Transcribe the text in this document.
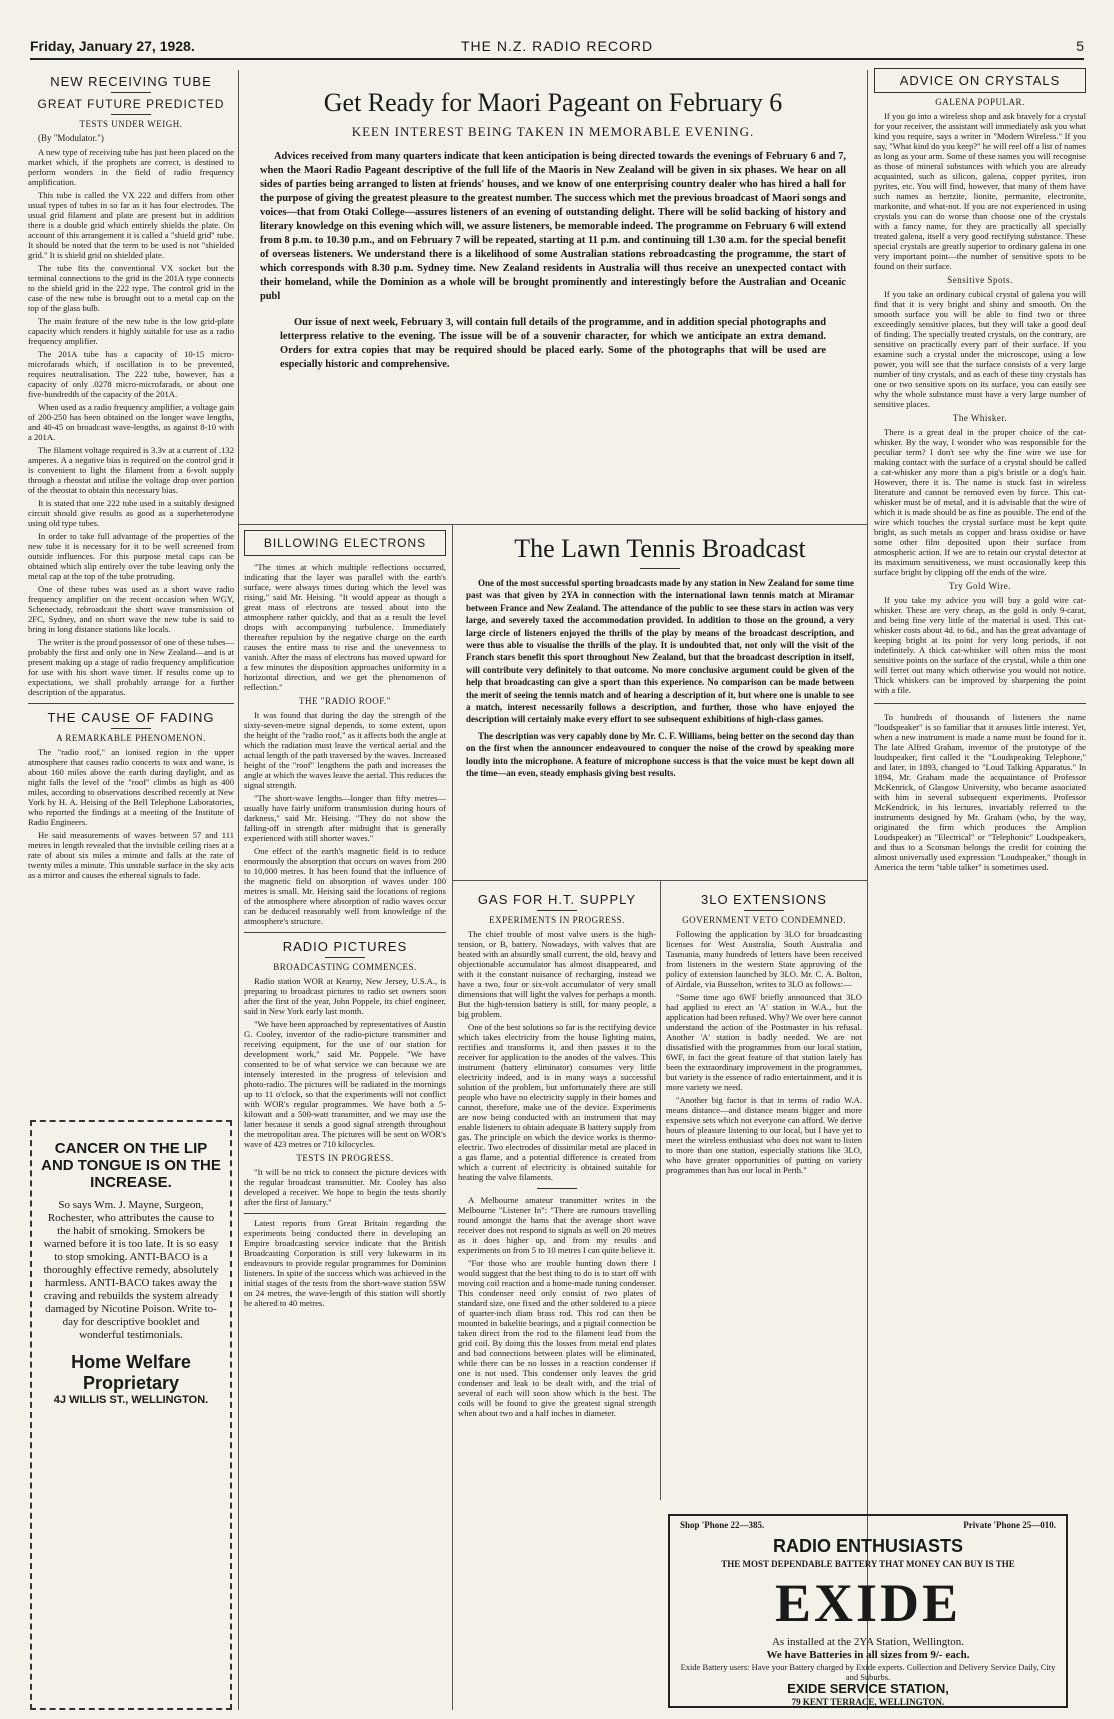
Friday, January 27, 1928.	THE N.Z. RADIO RECORD	5
NEW RECEIVING TUBE
GREAT FUTURE PREDICTED
TESTS UNDER WEIGH.
(By "Modulator.")

A new type of receiving tube has just been placed on the market which, if the prophets are correct, is destined to perform wonders in the field of radio frequency amplification.

This tube is called the VX 222 and differs from other usual types of tubes in so far as it has four electrodes. The usual grid filament and plate are present but in addition there is a double grid which entirely shields the plate. On account of this arrangement it is called a "shield grid" tube. It should be noted that the term to be used is not "shielded grid." It is shield grid on shielded plate.

The tube fits the conventional VX socket but the terminal connections to the grid in the 201A type connects to the shield grid in the 222 type. The control grid in the case of the new tube is brought out to a metal cap on the top of the glass bulb.

The main feature of the new tube is the low grid-plate capacity which renders it highly suitable for use as a radio frequency amplifier.

The 201A tube has a capacity of 10-15 micro-microfarads which, if oscillation is to be prevented, requires neutralisation. The 222 tube, however, has a capacity of only .0278 micro-microfarads, or about one five-hundredth of the capacity of the 201A.

When used as a radio frequency amplifier, a voltage gain of 200-250 has been obtained on the longer wave lengths, and 40-45 on broadcast wave-lengths, as against 8-10 with a 201A.

The filament voltage required is 3.3v at a current of .132 amperes. A a negative bias is required on the control grid it is convenient to light the filament from a 6-volt supply through a rheostat and utilise the voltage drop over portion of the rheostat to obtain this necessary bias.

It is stated that one 222 tube used in a suitably designed circuit should give results as good as a superheterodyne using old type tubes.

In order to take full advantage of the properties of the new tube it is necessary for it to be well screened from outside influences. For this purpose metal caps can be obtained which slip entirely over the tube leaving only the metal cap at the top of the tube protruding.

One of these tubes was used as a short wave radio frequency amplifier on the recent occasion when WGY, Schenectady, rebroadcast the short wave transmission of 2FC, Sydney, and on short wave the new tube is said to bring in long distance stations like locals.

The writer is the proud possessor of one of these tubes—probably the first and only one in New Zealand—and is at present making up a stage of radio frequency amplification for use with his short wave timer. If results come up to expectations, we shall probably arrange for a further description of the apparatus.

THE CAUSE OF FADING
A REMARKABLE PHENOMENON.

The "radio roof," an ionised region in the upper atmosphere that causes radio concerts to wax and wane, is about 160 miles above the earth during daylight, and as night falls the level of the "roof" climbs as high as 400 miles, according to observations described recently at New York by H. A. Heising of the Bell Telephone Laboratories, who reported the findings at a meeting of the Institute of Radio Engineers.

He said measurements of waves between 57 and 111 metres in length revealed that the invisible ceiling rises at a rate of about six miles a minute and falls at the rate of twenty miles a minute. This unstable surface in the sky acts as a mirror and causes the ethereal signals to fade.

CANCER ON THE LIP AND TONGUE IS ON THE INCREASE.

So says Wm. J. Mayne, Surgeon, Rochester, who attributes the cause to the habit of smoking. Smokers be warned before it is too late. It is so easy to stop smoking. ANTI-BACO is a thoroughly effective remedy, absolutely harmless. ANTI-BACO takes away the craving and rebuilds the system already damaged by Nicotine Poison. Write to-day for descriptive booklet and wonderful testimonials.

Home Welfare Proprietary
4J WILLIS ST., WELLINGTON.
Get Ready for Maori Pageant on February 6
KEEN INTEREST BEING TAKEN IN MEMORABLE EVENING.

Advices received from many quarters indicate that keen anticipation is being directed towards the evenings of February 6 and 7, when the Maori Radio Pageant descriptive of the full life of the Maoris in New Zealand will be given in six phases. We hear on all sides of parties being arranged to listen at friends' houses, and we know of one enterprising country dealer who has hired a hall for the purpose of giving the greatest pleasure to the greatest number. The success which met the previous broadcast of Maori songs and voices—that from Otaki College—assures listeners of an evening of outstanding delight. There will be solid backing of history and literary knowledge on this evening which will, we assure listeners, be memorable indeed. The programme on February 6 will extend from 8 p.m. to 10.30 p.m., and on February 7 will be repeated, starting at 11 p.m. and continuing till 1.30 a.m. for the special benefit of overseas listeners. We understand there is a likelihood of some Australian stations rebroadcasting the programme, the start of which corresponds with 8.30 p.m. Sydney time. New Zealand residents in Australia will thus receive an unexpected contact with their homeland, while the Dominion as a whole will be brought prominently and interestingly before the Australian and Oceanic publ

Our issue of next week, February 3, will contain full details of the programme, and in addition special photographs and letterpress relative to the evening. The issue will be of a souvenir character, for which we anticipate an extra demand. Orders for extra copies that may be required should be placed early. Some of the photographs that will be used are especially historic and comprehensive.

BILLOWING ELECTRONS

"The times at which multiple reflections occurred, indicating that the layer was parallel with the earth's surface, were always times during which the level was rising," said Mr. Heising. "It would appear as though a great mass of electrons are tossed about into the atmosphere rather quickly, and that as a result the level drops with accompanying turbulence. Immediately thereafter repulsion by the negative charge on the earth causes the entire mass to rise and the unevenness to vanish. After the mass of electrons has moved upward for a few minutes the disposition approaches uniformity in a horizontal direction, and we get the phenomenon of reflection."

THE "RADIO ROOF."

It was found that during the day the strength of the sixty-seven-metre signal depends, to some extent, upon the height of the "radio roof," as it affects both the angle at which the radiation must leave the vertical aerial and the actual length of the path traversed by the waves. Increased height of the "roof" lengthens the path and increases the angle at which the waves leave the aerial. This reduces the signal strength.

"The short-wave lengths—longer than fifty metres—usually have fairly uniform transmission during hours of darkness," said Mr. Heising. "They do not show the falling-off in strength after midnight that is generally experienced with still shorter waves."

One effect of the earth's magnetic field is to reduce enormously the absorption that occurs on waves from 200 to 10,000 metres. It has been found that the influence of the magnetic field on absorption of waves under 100 metres is small. Mr. Heising said the locations of regions of the atmosphere where absorption of radio waves occur can be deduced reasonably well from knowledge of the atmosphere's structure.

RADIO PICTURES
BROADCASTING COMMENCES.

Radio station WOR at Kearny, New Jersey, U.S.A., is preparing to broadcast pictures to radio set owners soon after the first of the year, John Poppele, its chief engineer, said in New York early last month.

"We have been approached by representatives of Austin G. Cooley, inventor of the radio-picture transmitter and receiving equipment, for the use of our station for development work," said Mr. Poppele. "We have consented to be of what service we can because we are intensely interested in the progress of television and photo-radio. The pictures will be radiated in the mornings up to 11 o'clock, so that the experiments will not conflict with WOR's regular programmes. We have both a 5-kilowatt and a 500-watt transmitter, and we may use the latter because it sends a good signal strength throughout the metropolitan area. The pictures will be sent on WOR's wave of 423 metres or 710 kilocycles.

TESTS IN PROGRESS.

"It will be no trick to connect the picture devices with the regular broadcast transmitter. Mr. Cooley has also developed a receiver. We hope to begin the tests shortly after the first of January."

Latest reports from Great Britain regarding the experiments being conducted there in developing an Empire broadcasting service indicate that the British Broadcasting Corporation is still very lukewarm in its endeavours to provide regular programmes for Dominion listeners. In spite of the success which was achieved in the initial stages of the tests from the short-wave station 5SW on 24 metres, the wave-length of this station will shortly be altered to 40 metres.

The Lawn Tennis Broadcast

One of the most successful sporting broadcasts made by any station in New Zealand for some time past was that given by 2YA in connection with the international lawn tennis match at Miramar between France and New Zealand. The attendance of the public to see these stars in action was very large, and severely taxed the accommodation provided. In addition to those on the ground, a very large circle of listeners enjoyed the thrills of the play by means of the broadcast description, and were thus able to visualise the thrills of the play. It is undoubted that, not only will the visit of the Franch stars benefit this sport throughout New Zealand, but that the broadcast description in itself, will contribute very definitely to that outcome. No more conclusive argument could be given of the help that broadcasting can give a sport than this experience. No comparison can be made between the merit of seeing the tennis match and of hearing a description of it, but where one is unable to see a match, interest necessarily follows a description, and further, those who have enjoyed the description will certainly make every effort to see subsequent exhibitions of high-class games.

The description was very capably done by Mr. C. F. Williams, being better on the second day than on the first when the announcer endeavoured to conquer the noise of the crowd by speaking more loudly into the microphone. A feature of microphone success is that the voice must be kept down all the time—an even, steady emphasis giving best results.

GAS FOR H.T. SUPPLY
EXPERIMENTS IN PROGRESS.

The chief trouble of most valve users is the high-tension, or B, battery. Nowadays, with valves that are heated with an absurdly small current, the old, heavy and objectionable accumulator has almost disappeared, and with it the constant nuisance of recharging, instead we have a two, four or six-volt accumulator of very small dimensions that will light the valves for perhaps a month. But the high-tension battery is still, for many people, a big problem.

One of the best solutions so far is the rectifying device which takes electricity from the house lighting mains, rectifies and transforms it, and then passes it to the receiver for application to the anodes of the valves. This instrument (battery eliminator) consumes very little electricity indeed, and is in many ways a successful solution of the problem, but unfortunately there are still people who have no electricity supply in their homes and cannot, therefore, make use of the device. Experiments are now being conducted with an instrument that may enable listeners to obtain adequate B battery supply from gas. The principle on which the device works is thermo-electric. Two electrodes of dissimilar metal are placed in a gas flame, and a potential difference is created from which a current of electricity is obtained suitable for heating the valve filaments.

A Melbourne amateur transmitter writes in the Melbourne "Listener In": "There are rumours travelling round amongst the hams that the average short wave receiver does not respond to signals as well on 20 metres as it does higher up, and from my results and experiments on from 5 to 10 metres I can quite believe it.

"For those who are trouble hunting down there I would suggest that the best thing to do is to start off with moving coil reaction and a home-made tuning condenser. This condenser need only consist of two plates of standard size, one fixed and the other soldered to a piece of quarter-inch diam brass rod. This rod can then be mounted in bakelite bearings, and a pigtail connection be taken direct from the rod to the filament lead from the grid coil. By doing this the losses from metal end plates and bad connections between plates will be eliminated, while there can be no losses in a reaction condenser if one is not used. This condenser only leaves the grid condenser and leak to be dealt with, and the trial of several of each will soon show which is the best. The coils will be found to give the greatest signal strength when about two and a half inches in diameter.

3LO EXTENSIONS
GOVERNMENT VETO CONDEMNED.

Following the application by 3LO for broadcasting licenses for West Australia, South Australia and Tasmania, many hundreds of letters have been received from listeners in the western State approving of the policy of extension launched by 3LO. Mr. C. A. Bolton, of Airdale, via Busselton, writes to 3LO as follows:—

"Some time ago 6WF briefly announced that 3LO had applied to erect an 'A' station in W.A., but the application had been refused. Why? We over here cannot understand the action of the Postmaster in his refusal. Another 'A' station is badly needed. We are not dissatisfied with the programmes from our local station, 6WF, in fact the great feature of that station lately has been the extraordinary improvement in the programmes, but variety is the essence of radio entertainment, and it is more variety we need.

"Another big factor is that in terms of radio W.A. means distance—and distance means bigger and more expensive sets which not everyone can afford. We derive hours of pleasure listening to our local, but I have yet to meet the wireless enthusiast who does not want to listen to more than one station, especially stations like 3LO, who have greater opportunities of putting on variety programmes than has our local in Perth."

Shop 'Phone 22—385.	Private 'Phone 25—010.
RADIO ENTHUSIASTS

THE MOST DEPENDABLE BATTERY THAT MONEY CAN BUY IS THE

EXIDE

As installed at the 2YA Station, Wellington.

We have Batteries in all sizes from 9/- each.

Exide Battery users: Have your Battery charged by Exide experts. Collection and Delivery Service Daily, City and Suburbs.

EXIDE SERVICE STATION,

79 KENT TERRACE, WELLINGTON.

ADVICE ON CRYSTALS
GALENA POPULAR.

If you go into a wireless shop and ask bravely for a crystal for your receiver, the assistant will immediately ask you what kind you require, says a writer in "Modern Wireless." If you say, "What kind do you keep?" he will reel off a list of names as long as your arm. Some of these names you will recognise as those of mineral substances with which you are already acquainted, such as silicon, galena, copper pyrites, iron pyrites, etc. You will find, however, that many of them have such names as hertzite, lionite, permanite, electronite, markonite, and what-not. If you are not experienced in using crystals you can do worse than choose one of the crystals with a fancy name, for they are practically all specially treated galena, itself a very good rectifying substance. These special crystals are greatly superior to ordinary galena in one very important point—the number of sensitive spots to be found on their surface.

Sensitive Spots.

If you take an ordinary cubical crystal of galena you will find that it is very bright and shiny and smooth. On the smooth surface you will be able to find two or three exceedingly sensitive places, but they will take a good deal of finding. The specially treated crystals, on the contrary, are sensitive on practically every part of their surface. If you examine such a crystal under the microscope, using a low power, you will see that the surface consists of a very large number of tiny crystals, and as each of these tiny crystals has one or two sensitive spots on its surface, you can easily see why the whole substance must have a very large number of sensitive places.

The Whisker.

There is a great deal in the proper choice of the cat-whisker. By the way, I wonder who was responsible for the peculiar term? I don't see why the fine wire we use for making contact with the surface of a crystal should be called a cat-whisker any more than a pig's bristle or a dog's hair. However, there it is. The name is stuck fast in wireless literature and cannot be removed even by force. This cat-whisker must be of metal, and it is advisable that the wire of which it is made should be as fine as possible. The end of the wire which touches the crystal surface must be kept quite bright, as such metals as copper and brass oxidise or have some other film deposited upon their surface from atmospheric action. If we are to retain our crystal detector at its maximum sensitiveness, we must occasionally keep this surface bright by clipping off the ends of the wire.

Try Gold Wire.

If you take my advice you will buy a gold wire cat-whisker. These are very cheap, as the gold is only 9-carat, and being fine very little of the material is used. This cat-whisker costs about 4d. to 6d., and has the great advantage of keeping bright at its point for very long periods, if not indefinitely. A thick cat-whisker will often miss the most sensitive points on the surface of the crystal, while a thin one will ferret out many which otherwise you would not notice. Thick whiskers can be improved by sharpening the point with a file.

To hundreds of thousands of listeners the name "loudspeaker" is so familiar that it arouses little interest. Yet, when a new instrument is made a name must be found for it. The late Alfred Graham, inventor of the prototype of the loudspeaker, first called it the "Loudspeaking Telephone," and later, in 1893, changed to "Loud Talking Apparatus." In 1894, Mr. Graham made the acquaintance of Professor McKenrick, of Glasgow University, who became associated with him in several subsequent experiments. Professor McKendrick, in his lectures, invariably referred to the instruments designed by Mr. Graham (who, by the way, originated the firm which produces the Amplion Loudspeaker) as "Electrical" or "Telephonic" Loudspeakers, and thus to a Scotsman belongs the credit for coining the almost universally used expression "Loudspeaker," though in America the term "table talker" is sometimes used.
